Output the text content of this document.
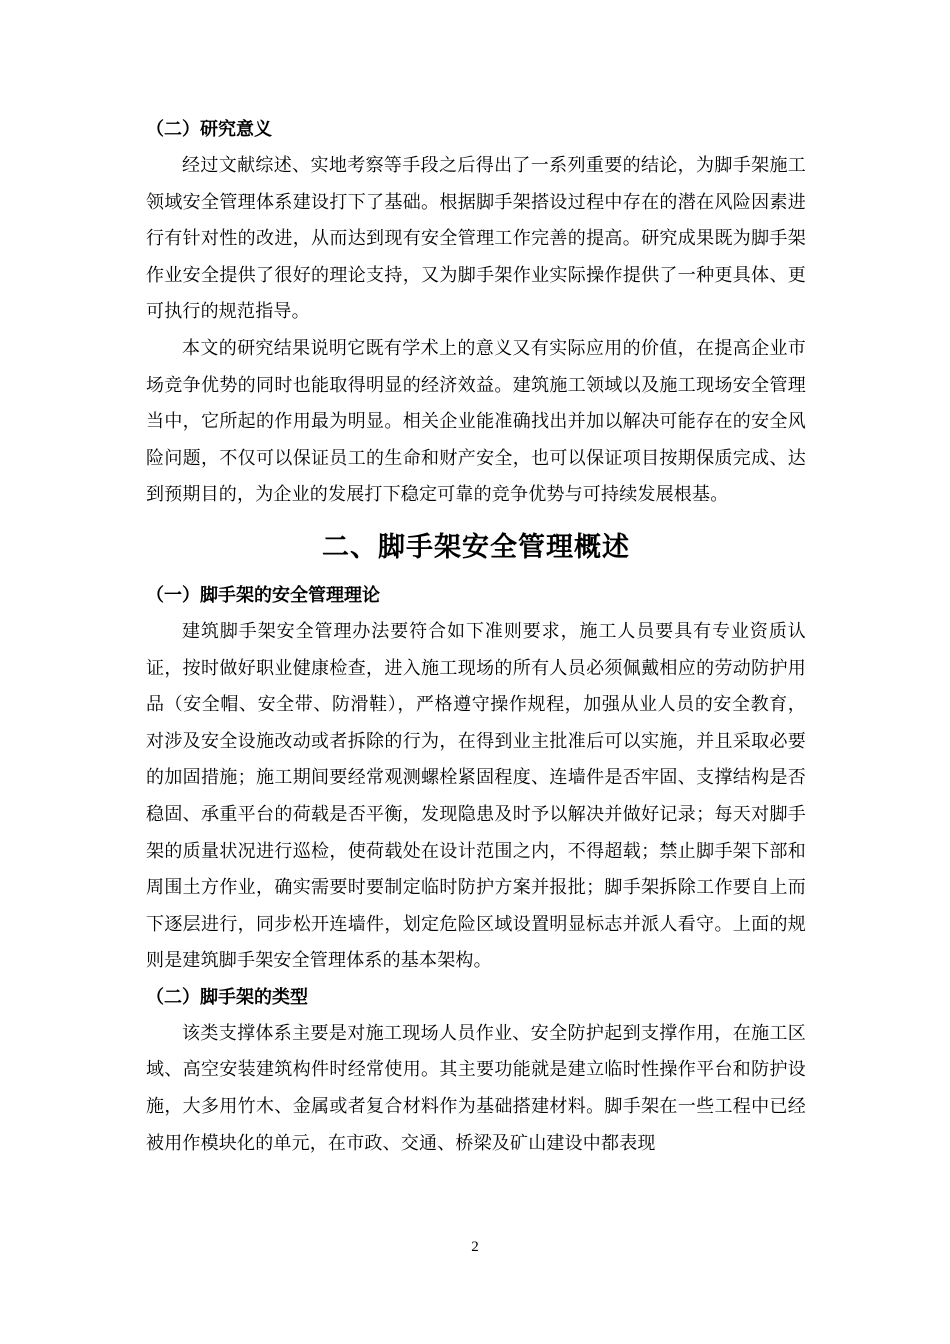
（二）研究意义

经过文献综述、实地考察等手段之后得出了一系列重要的结论，为脚手架施工领域安全管理体系建设打下了基础。根据脚手架搭设过程中存在的潜在风险因素进行有针对性的改进，从而达到现有安全管理工作完善的提高。研究成果既为脚手架作业安全提供了很好的理论支持，又为脚手架作业实际操作提供了一种更具体、更可执行的规范指导。

本文的研究结果说明它既有学术上的意义又有实际应用的价值，在提高企业市场竞争优势的同时也能取得明显的经济效益。建筑施工领域以及施工现场安全管理当中，它所起的作用最为明显。相关企业能准确找出并加以解决可能存在的安全风险问题，不仅可以保证员工的生命和财产安全，也可以保证项目按期保质完成、达到预期目的，为企业的发展打下稳定可靠的竞争优势与可持续发展根基。

二、脚手架安全管理概述
（一）脚手架的安全管理理论

建筑脚手架安全管理办法要符合如下准则要求，施工人员要具有专业资质认证，按时做好职业健康检查，进入施工现场的所有人员必须佩戴相应的劳动防护用品（安全帽、安全带、防滑鞋），严格遵守操作规程，加强从业人员的安全教育，对涉及安全设施改动或者拆除的行为，在得到业主批准后可以实施，并且采取必要的加固措施；施工期间要经常观测螺栓紧固程度、连墙件是否牢固、支撑结构是否稳固、承重平台的荷载是否平衡，发现隐患及时予以解决并做好记录；每天对脚手架的质量状况进行巡检，使荷载处在设计范围之内，不得超载；禁止脚手架下部和周围土方作业，确实需要时要制定临时防护方案并报批；脚手架拆除工作要自上而下逐层进行，同步松开连墙件，划定危险区域设置明显标志并派人看守。上面的规则是建筑脚手架安全管理体系的基本架构。

（二）脚手架的类型

该类支撑体系主要是对施工现场人员作业、安全防护起到支撑作用，在施工区域、高空安装建筑构件时经常使用。其主要功能就是建立临时性操作平台和防护设施，大多用竹木、金属或者复合材料作为基础搭建材料。脚手架在一些工程中已经被用作模块化的单元，在市政、交通、桥梁及矿山建设中都表现

2
